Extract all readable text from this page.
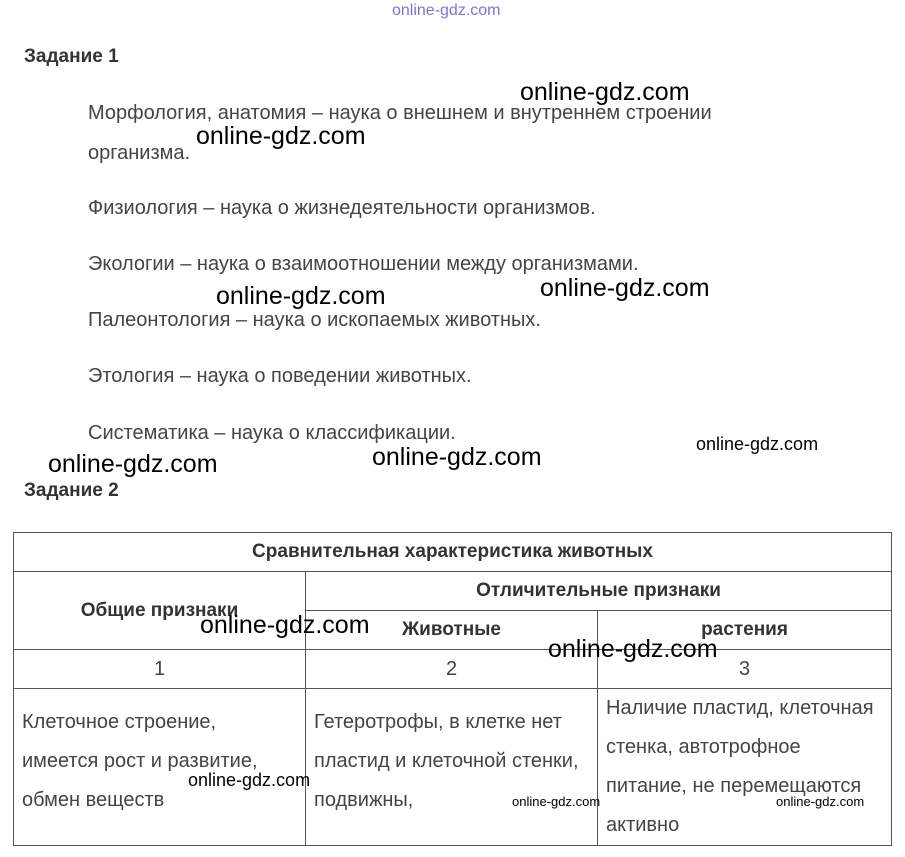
online-gdz.com
Задание 1
Морфология, анатомия – наука о внешнем и внутреннем строении организма.
Физиология – наука о жизнедеятельности организмов.
Экологии – наука о взаимоотношении между организмами.
Палеонтология – наука о ископаемых животных.
Этология – наука о поведении животных.
Систематика – наука о классификации.
Задание 2
Сравнительная характеристика животных		
Общие признаки	Отличительные признаки	
	Животные	растения
1	2	3
Клеточное строение, имеется рост и развитие, обмен веществ	Гетеротрофы, в клетке нет пластид и клеточной стенки, подвижны,	Наличие пластид, клеточная стенка, автотрофное питание, не перемещаются активно
online-gdz.com
online-gdz.com
online-gdz.com
online-gdz.com
online-gdz.com
online-gdz.com
online-gdz.com
online-gdz.com
online-gdz.com
online-gdz.com
online-gdz.com	online-gdz.com
